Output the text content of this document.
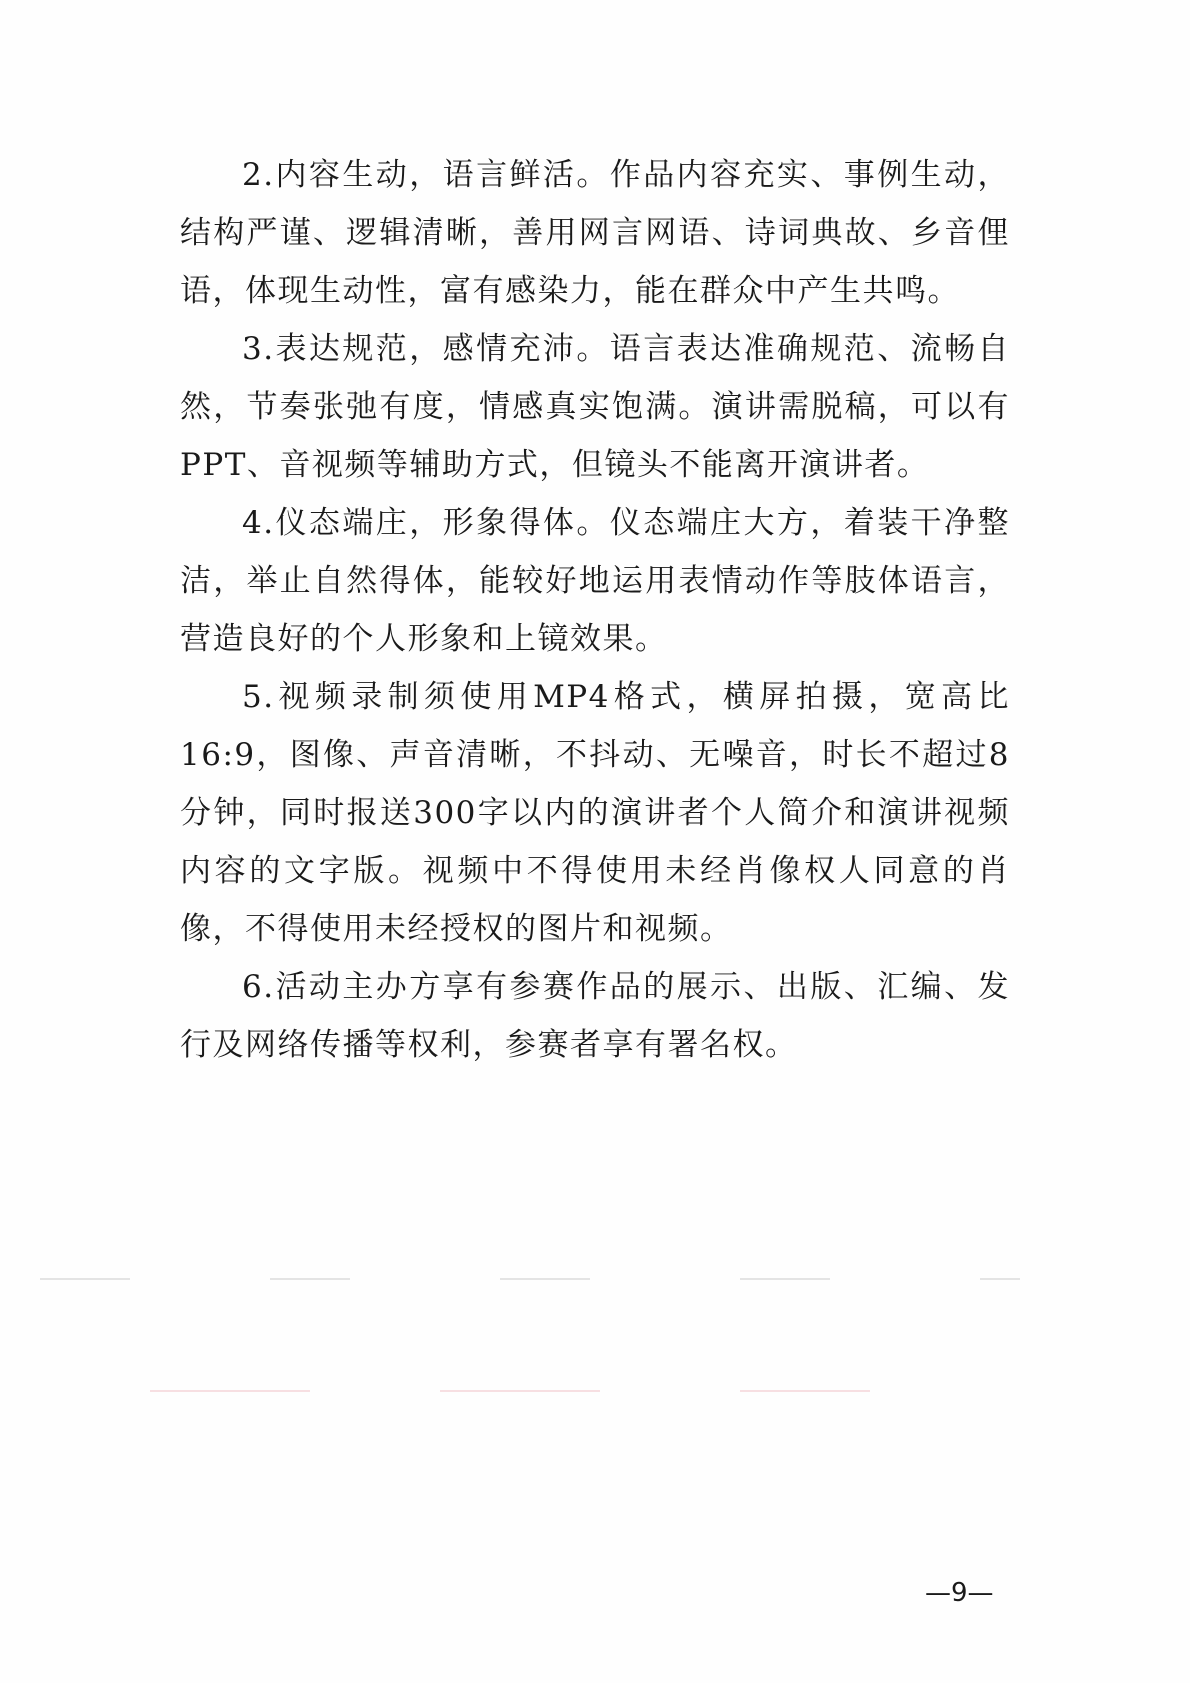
2.内容生动，语言鲜活。作品内容充实、事例生动，结构严谨、逻辑清晰，善用网言网语、诗词典故、乡音俚语，体现生动性，富有感染力，能在群众中产生共鸣。

3.表达规范，感情充沛。语言表达准确规范、流畅自然，节奏张弛有度，情感真实饱满。演讲需脱稿，可以有PPT、音视频等辅助方式，但镜头不能离开演讲者。

4.仪态端庄，形象得体。仪态端庄大方，着装干净整洁，举止自然得体，能较好地运用表情动作等肢体语言，营造良好的个人形象和上镜效果。

5.视频录制须使用MP4格式，横屏拍摄，宽高比16:9，图像、声音清晰，不抖动、无噪音，时长不超过8分钟，同时报送300字以内的演讲者个人简介和演讲视频内容的文字版。视频中不得使用未经肖像权人同意的肖像，不得使用未经授权的图片和视频。

6.活动主办方享有参赛作品的展示、出版、汇编、发行及网络传播等权利，参赛者享有署名权。

—9—
